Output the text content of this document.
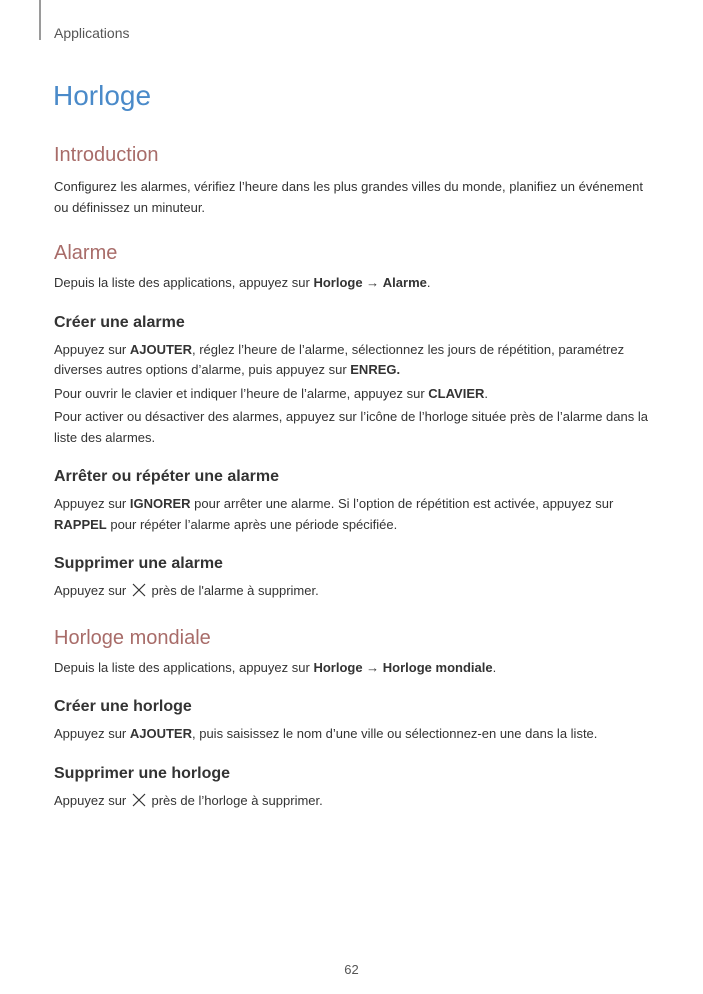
Applications
Horloge
Introduction

Configurez les alarmes, vérifiez l’heure dans les plus grandes villes du monde, planifiez un événement ou définissez un minuteur.

Alarme

Depuis la liste des applications, appuyez sur Horloge → Alarme.

Créer une alarme

Appuyez sur AJOUTER, réglez l’heure de l’alarme, sélectionnez les jours de répétition, paramétrez diverses autres options d’alarme, puis appuyez sur ENREG.

Pour ouvrir le clavier et indiquer l’heure de l’alarme, appuyez sur CLAVIER.

Pour activer ou désactiver des alarmes, appuyez sur l’icône de l’horloge située près de l’alarme dans la liste des alarmes.

Arrêter ou répéter une alarme

Appuyez sur IGNORER pour arrêter une alarme. Si l’option de répétition est activée, appuyez sur RAPPEL pour répéter l’alarme après une période spécifiée.

Supprimer une alarme

Appuyez sur  près de l'alarme à supprimer.

Horloge mondiale

Depuis la liste des applications, appuyez sur Horloge → Horloge mondiale.

Créer une horloge

Appuyez sur AJOUTER, puis saisissez le nom d’une ville ou sélectionnez-en une dans la liste.

Supprimer une horloge

Appuyez sur  près de l’horloge à supprimer.

62
